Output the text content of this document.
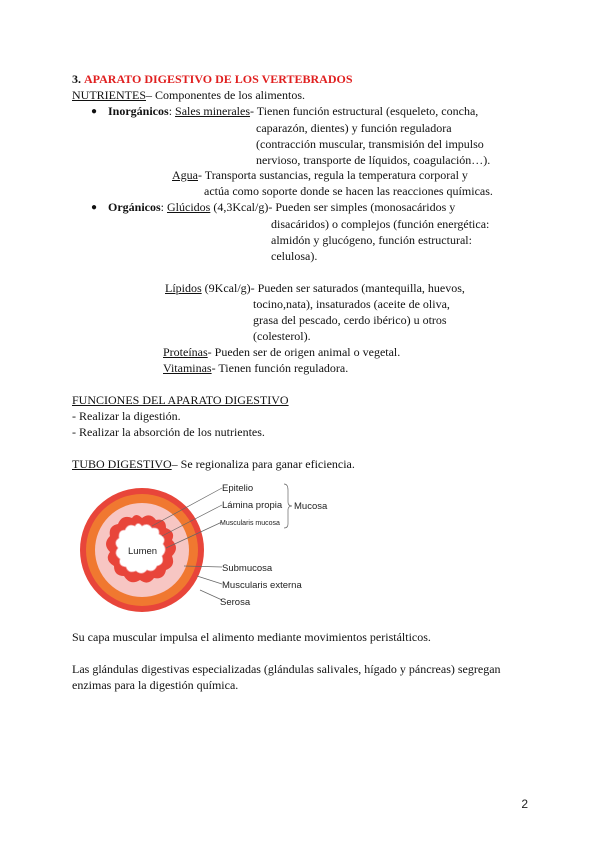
3. APARATO DIGESTIVO DE LOS VERTEBRADOS
NUTRIENTES– Componentes de los alimentos.
● Inorgánicos: Sales minerales- Tienen función estructural (esqueleto, concha,
caparazón, dientes) y función reguladora
(contracción muscular, transmisión del impulso
nervioso, transporte de líquidos, coagulación…).
Agua- Transporta sustancias, regula la temperatura corporal y
actúa como soporte donde se hacen las reacciones químicas.
● Orgánicos: Glúcidos (4,3Kcal/g)- Pueden ser simples (monosacáridos y
disacáridos) o complejos (función energética:
almidón y glucógeno, función estructural:
celulosa).
Lípidos (9Kcal/g)- Pueden ser saturados (mantequilla, huevos,
tocino,nata), insaturados (aceite de oliva,
grasa del pescado, cerdo ibérico) u otros
(colesterol).
Proteínas- Pueden ser de origen animal o vegetal.
Vitaminas- Tienen función reguladora.
FUNCIONES DEL APARATO DIGESTIVO
- Realizar la digestión.
- Realizar la absorción de los nutrientes.
TUBO DIGESTIVO– Se regionaliza para ganar eficiencia.
Lumen
Epitelio
Lámina propia
Muscularis mucosa
Mucosa
Submucosa
Muscularis externa
Serosa
Su capa muscular impulsa el alimento mediante movimientos peristálticos.
Las glándulas digestivas especializadas (glándulas salivales, hígado y páncreas) segregan
enzimas para la digestión química.
2
